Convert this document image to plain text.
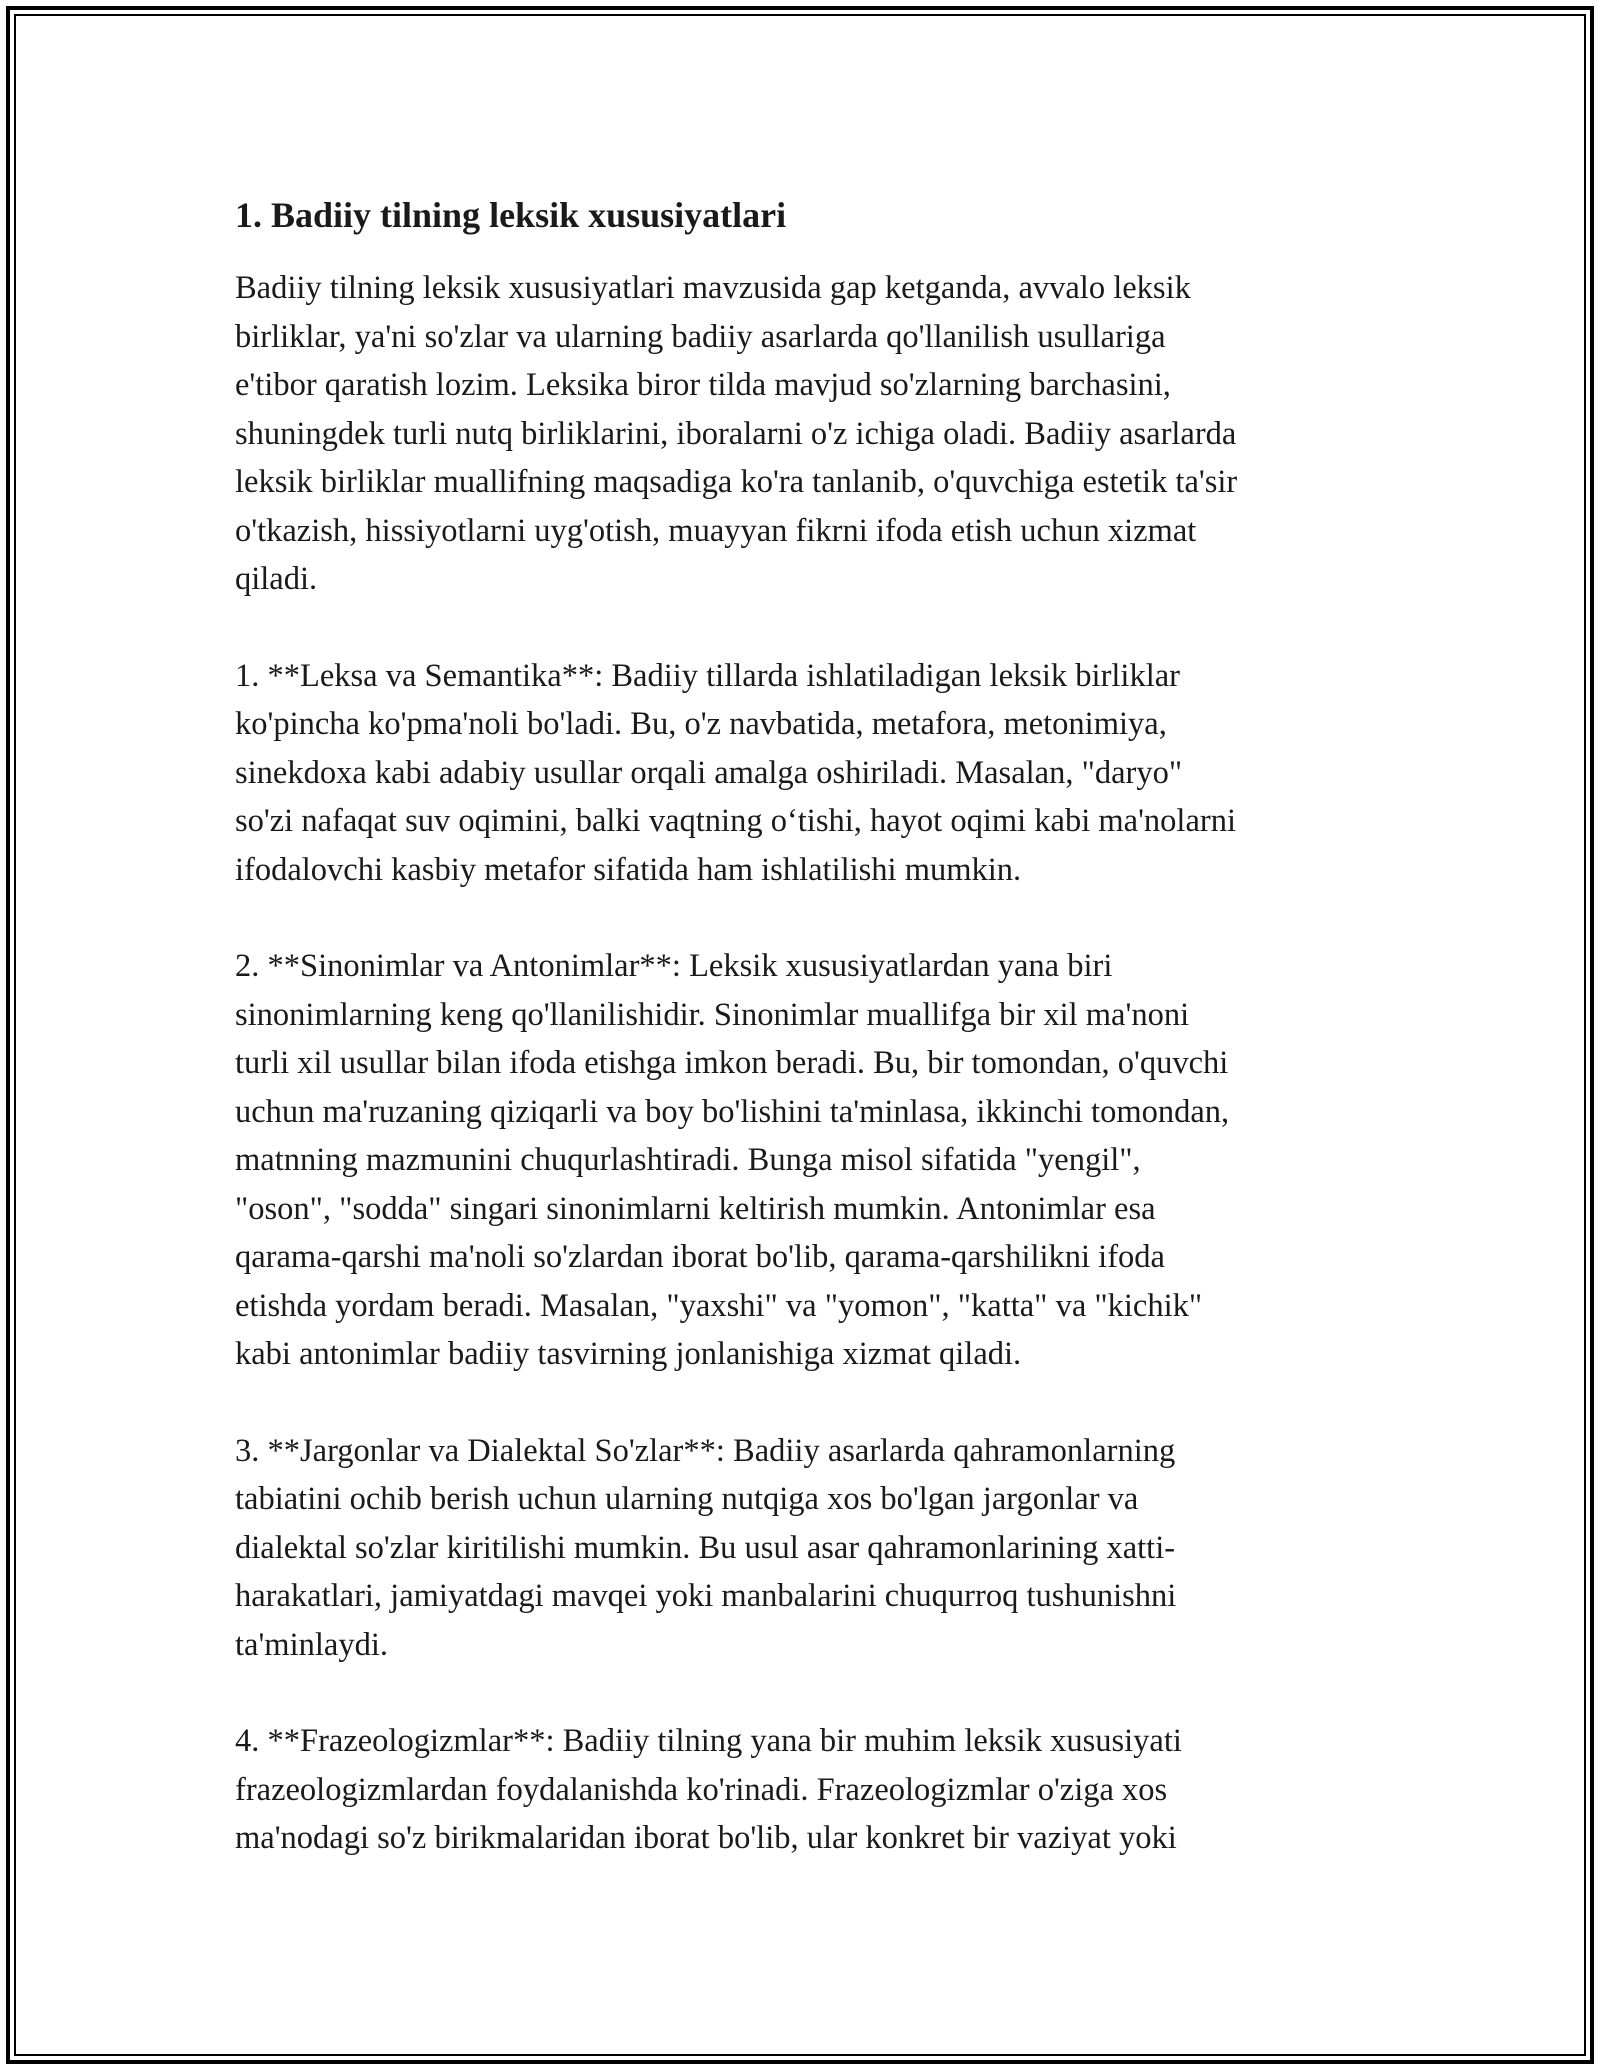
1. Badiiy tilning leksik xususiyatlari

Badiiy tilning leksik xususiyatlari mavzusida gap ketganda, avvalo leksik
birliklar, ya'ni so'zlar va ularning badiiy asarlarda qo'llanilish usullariga
e'tibor qaratish lozim. Leksika biror tilda mavjud so'zlarning barchasini,
shuningdek turli nutq birliklarini, iboralarni o'z ichiga oladi. Badiiy asarlarda
leksik birliklar muallifning maqsadiga ko'ra tanlanib, o'quvchiga estetik ta'sir
o'tkazish, hissiyotlarni uyg'otish, muayyan fikrni ifoda etish uchun xizmat
qiladi.

1. **Leksa va Semantika**: Badiiy tillarda ishlatiladigan leksik birliklar
ko'pincha ko'pma'noli bo'ladi. Bu, o'z navbatida, metafora, metonimiya,
sinekdoxa kabi adabiy usullar orqali amalga oshiriladi. Masalan, "daryo"
so'zi nafaqat suv oqimini, balki vaqtning o‘tishi, hayot oqimi kabi ma'nolarni
ifodalovchi kasbiy metafor sifatida ham ishlatilishi mumkin.

2. **Sinonimlar va Antonimlar**: Leksik xususiyatlardan yana biri
sinonimlarning keng qo'llanilishidir. Sinonimlar muallifga bir xil ma'noni
turli xil usullar bilan ifoda etishga imkon beradi. Bu, bir tomondan, o'quvchi
uchun ma'ruzaning qiziqarli va boy bo'lishini ta'minlasa, ikkinchi tomondan,
matnning mazmunini chuqurlashtiradi. Bunga misol sifatida "yengil",
"oson", "sodda" singari sinonimlarni keltirish mumkin. Antonimlar esa
qarama-qarshi ma'noli so'zlardan iborat bo'lib, qarama-qarshilikni ifoda
etishda yordam beradi. Masalan, "yaxshi" va "yomon", "katta" va "kichik"
kabi antonimlar badiiy tasvirning jonlanishiga xizmat qiladi.

3. **Jargonlar va Dialektal So'zlar**: Badiiy asarlarda qahramonlarning
tabiatini ochib berish uchun ularning nutqiga xos bo'lgan jargonlar va
dialektal so'zlar kiritilishi mumkin. Bu usul asar qahramonlarining xatti-
harakatlari, jamiyatdagi mavqei yoki manbalarini chuqurroq tushunishni
ta'minlaydi.

4. **Frazeologizmlar**: Badiiy tilning yana bir muhim leksik xususiyati
frazeologizmlardan foydalanishda ko'rinadi. Frazeologizmlar o'ziga xos
ma'nodagi so'z birikmalaridan iborat bo'lib, ular konkret bir vaziyat yoki
